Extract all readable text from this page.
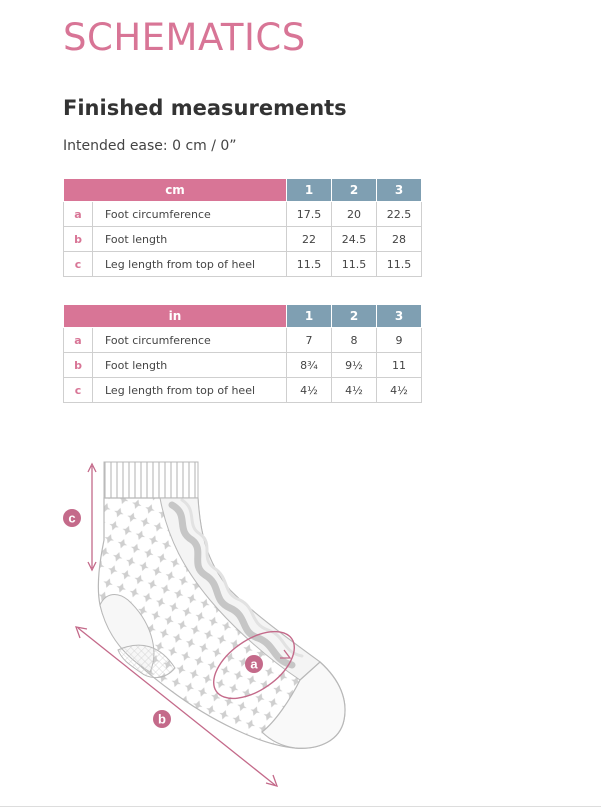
SCHEMATICS
Finished measurements
Intended ease: 0 cm / 0”
cm		1	2	3
a	Foot circumference	17.5	20	22.5
b	Foot length	22	24.5	28
c	Leg length from top of heel	11.5	11.5	11.5
in		1	2	3
a	Foot circumference	7	8	9
b	Foot length	8¾	9½	11
c	Leg length from top of heel	4½	4½	4½
c
a
b
